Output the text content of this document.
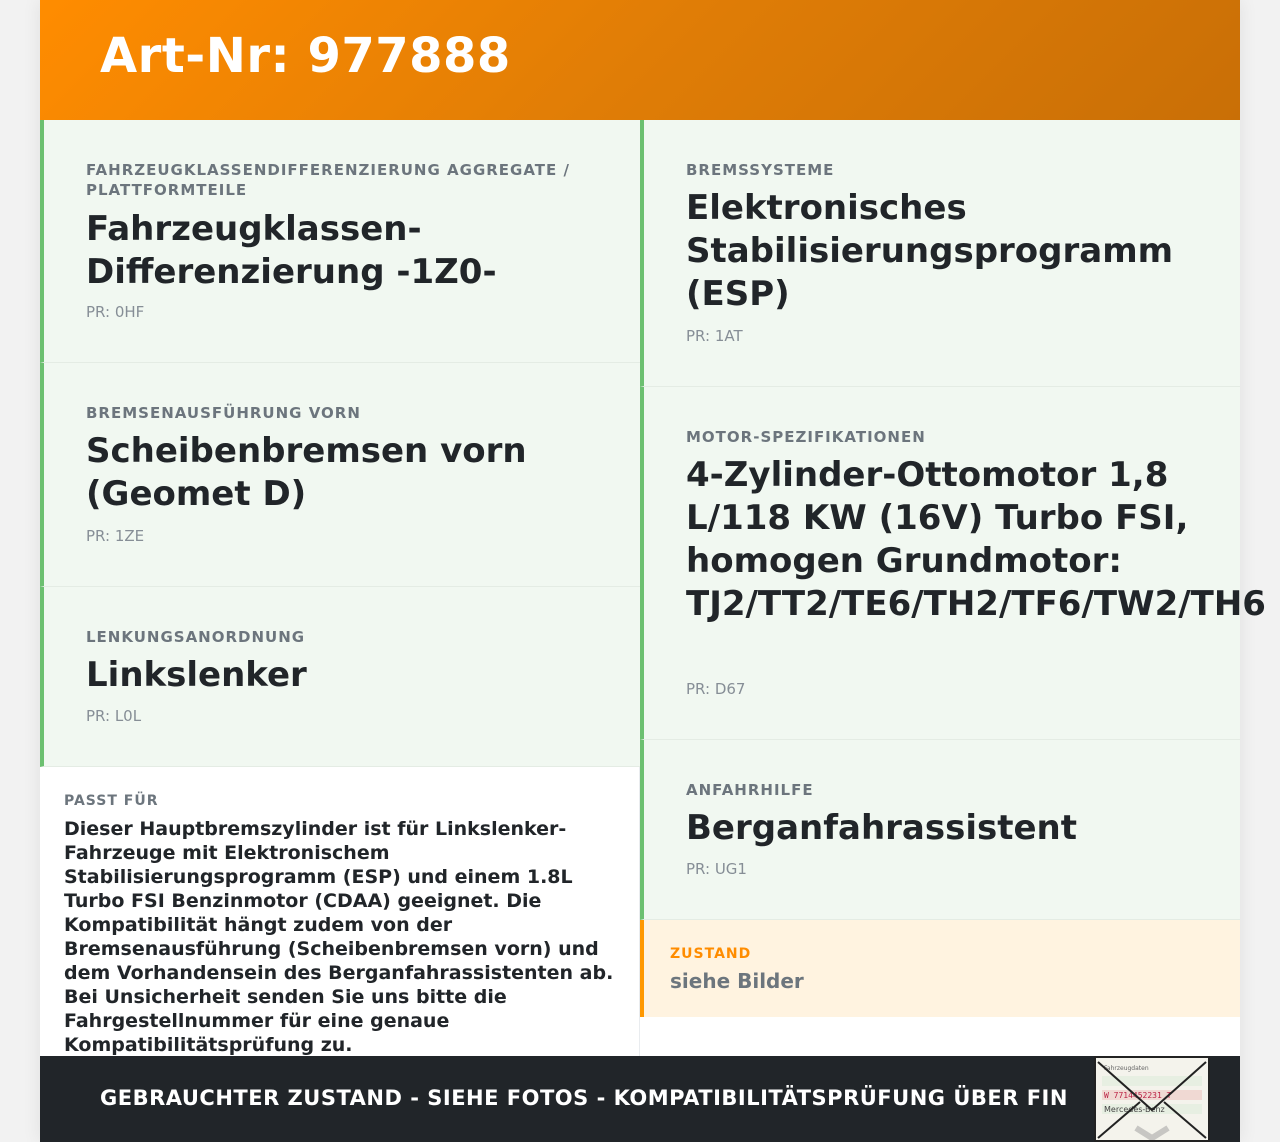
Art-Nr: 977888
FAHRZEUGKLASSENDIFFERENZIERUNG AGGREGATE / PLATTFORMTEILE
Fahrzeugklassen-Differenzierung -1Z0-
PR: 0HF
BREMSENAUSFÜHRUNG VORN
Scheibenbremsen vorn (Geomet D)
PR: 1ZE
LENKUNGSANORDNUNG
Linkslenker
PR: L0L
PASST FÜR
Dieser Hauptbremszylinder ist für Linkslenker-Fahrzeuge mit Elektronischem Stabilisierungsprogramm (ESP) und einem 1.8L Turbo FSI Benzinmotor (CDAA) geeignet. Die Kompatibilität hängt zudem von der Bremsenausführung (Scheibenbremsen vorn) und dem Vorhandensein des Berganfahrassistenten ab. Bei Unsicherheit senden Sie uns bitte die Fahrgestellnummer für eine genaue Kompatibilitätsprüfung zu.
BREMSSYSTEME
Elektronisches Stabilisierungsprogramm (ESP)
PR: 1AT
MOTOR-SPEZIFIKATIONEN
4-Zylinder-Ottomotor 1,8 L/118 KW (16V) Turbo FSI, homogen Grundmotor: TJ2/TT2/TE6/TH2/TF6/TW2/TH6
PR: D67
ANFAHRHILFE
Berganfahrassistent
PR: UG1
ZUSTAND
siehe Bilder
GEBRAUCHTER ZUSTAND - SIEHE FOTOS - KOMPATIBILITÄTSPRÜFUNG ÜBER FIN
Fahrzeugdaten
W 7714452231 T
Mercedes-Benz
